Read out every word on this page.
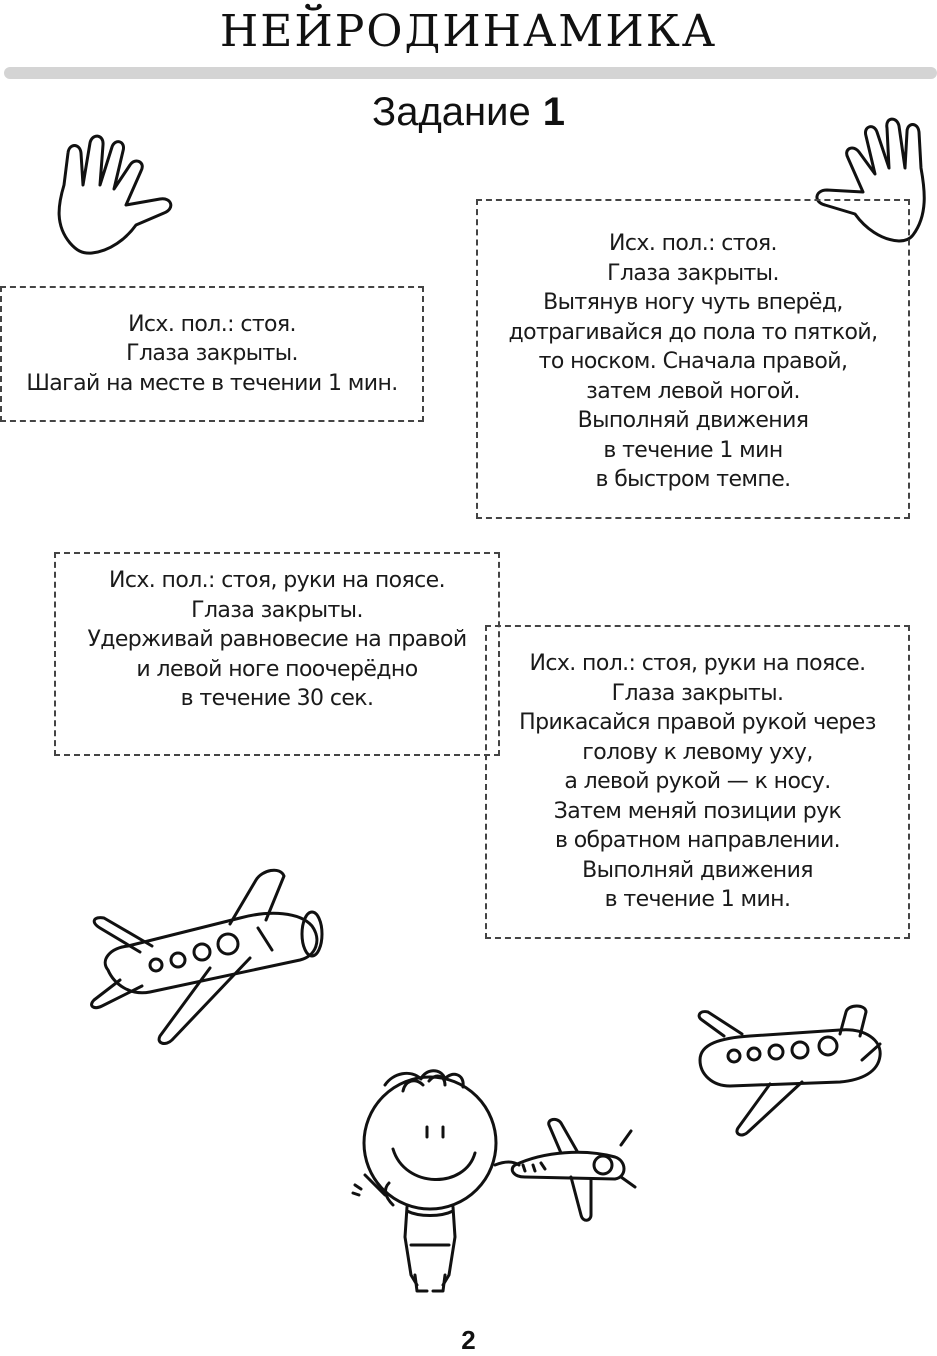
НЕЙРОДИНАМИКА
Задание 1
Исх. пол.: стоя.
Глаза закрыты.
Шагай на месте в течении 1 мин.
Исх. пол.: стоя.
Глаза закрыты.
Вытянув ногу чуть вперёд,
дотрагивайся до пола то пяткой,
то носком. Сначала правой,
затем левой ногой.
Выполняй движения
в течение 1 мин
в быстром темпе.
Исх. пол.: стоя, руки на поясе.
Глаза закрыты.
Удерживай равновесие на правой
и левой ноге поочерёдно
в течение 30 сек.
Исх. пол.: стоя, руки на поясе.
Глаза закрыты.
Прикасайся правой рукой через
голову к левому уху,
а левой рукой — к носу.
Затем меняй позиции рук
в обратном направлении.
Выполняй движения
в течение 1 мин.
2
